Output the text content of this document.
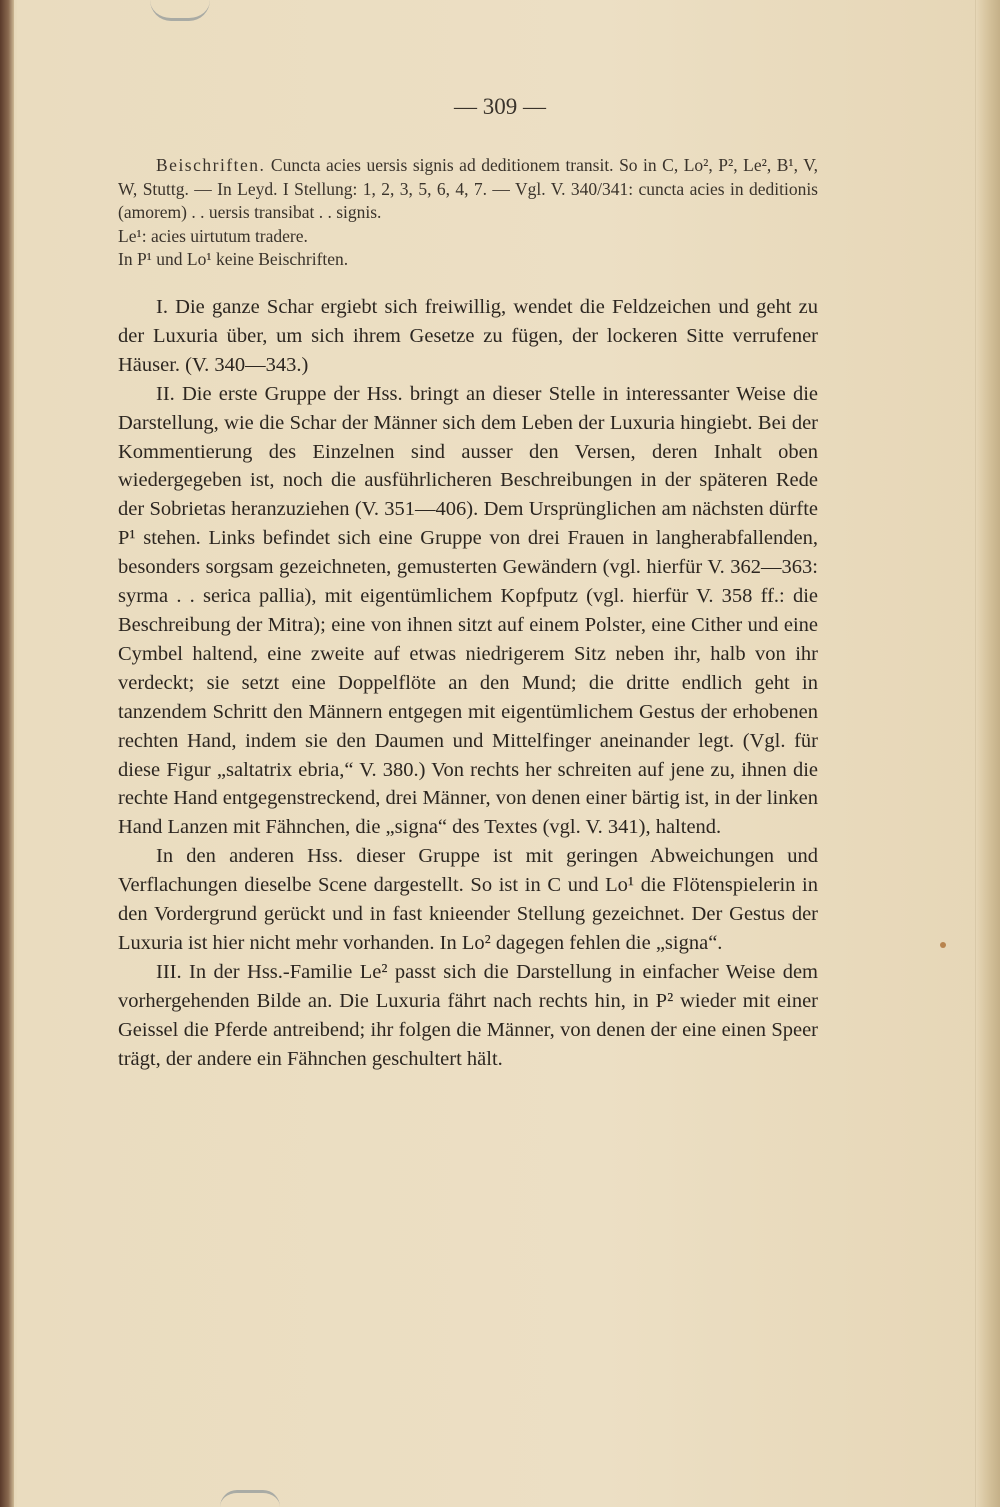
— 309 —

Beischriften. Cuncta acies uersis signis ad deditionem transit. So in C, Lo², P², Le², B¹, V, W, Stuttg. — In Leyd. I Stellung: 1, 2, 3, 5, 6, 4, 7. — Vgl. V. 340/341: cuncta acies in deditionis (amorem) . . uersis transibat . . signis.

Le¹: acies uirtutum tradere.

In P¹ und Lo¹ keine Beischriften.

I. Die ganze Schar ergiebt sich freiwillig, wendet die Feldzeichen und geht zu der Luxuria über, um sich ihrem Gesetze zu fügen, der lockeren Sitte verrufener Häuser. (V. 340—343.)

II. Die erste Gruppe der Hss. bringt an dieser Stelle in interessanter Weise die Darstellung, wie die Schar der Männer sich dem Leben der Luxuria hingiebt. Bei der Kommentierung des Einzelnen sind ausser den Versen, deren Inhalt oben wiedergegeben ist, noch die ausführlicheren Beschreibungen in der späteren Rede der Sobrietas heranzuziehen (V. 351—406). Dem Ursprünglichen am nächsten dürfte P¹ stehen. Links befindet sich eine Gruppe von drei Frauen in langherabfallenden, besonders sorgsam gezeichneten, gemusterten Gewändern (vgl. hierfür V. 362—363: syrma . . serica pallia), mit eigentümlichem Kopfputz (vgl. hierfür V. 358 ff.: die Beschreibung der Mitra); eine von ihnen sitzt auf einem Polster, eine Cither und eine Cymbel haltend, eine zweite auf etwas niedrigerem Sitz neben ihr, halb von ihr verdeckt; sie setzt eine Doppelflöte an den Mund; die dritte endlich geht in tanzendem Schritt den Männern entgegen mit eigentümlichem Gestus der erhobenen rechten Hand, indem sie den Daumen und Mittelfinger aneinander legt. (Vgl. für diese Figur „saltatrix ebria,“ V. 380.) Von rechts her schreiten auf jene zu, ihnen die rechte Hand entgegenstreckend, drei Männer, von denen einer bärtig ist, in der linken Hand Lanzen mit Fähnchen, die „signa“ des Textes (vgl. V. 341), haltend.

In den anderen Hss. dieser Gruppe ist mit geringen Abweichungen und Verflachungen dieselbe Scene dargestellt. So ist in C und Lo¹ die Flötenspielerin in den Vordergrund gerückt und in fast knieender Stellung gezeichnet. Der Gestus der Luxuria ist hier nicht mehr vorhanden. In Lo² dagegen fehlen die „signa“.

III. In der Hss.-Familie Le² passt sich die Darstellung in einfacher Weise dem vorhergehenden Bilde an. Die Luxuria fährt nach rechts hin, in P² wieder mit einer Geissel die Pferde antreibend; ihr folgen die Männer, von denen der eine einen Speer trägt, der andere ein Fähnchen geschultert hält.
